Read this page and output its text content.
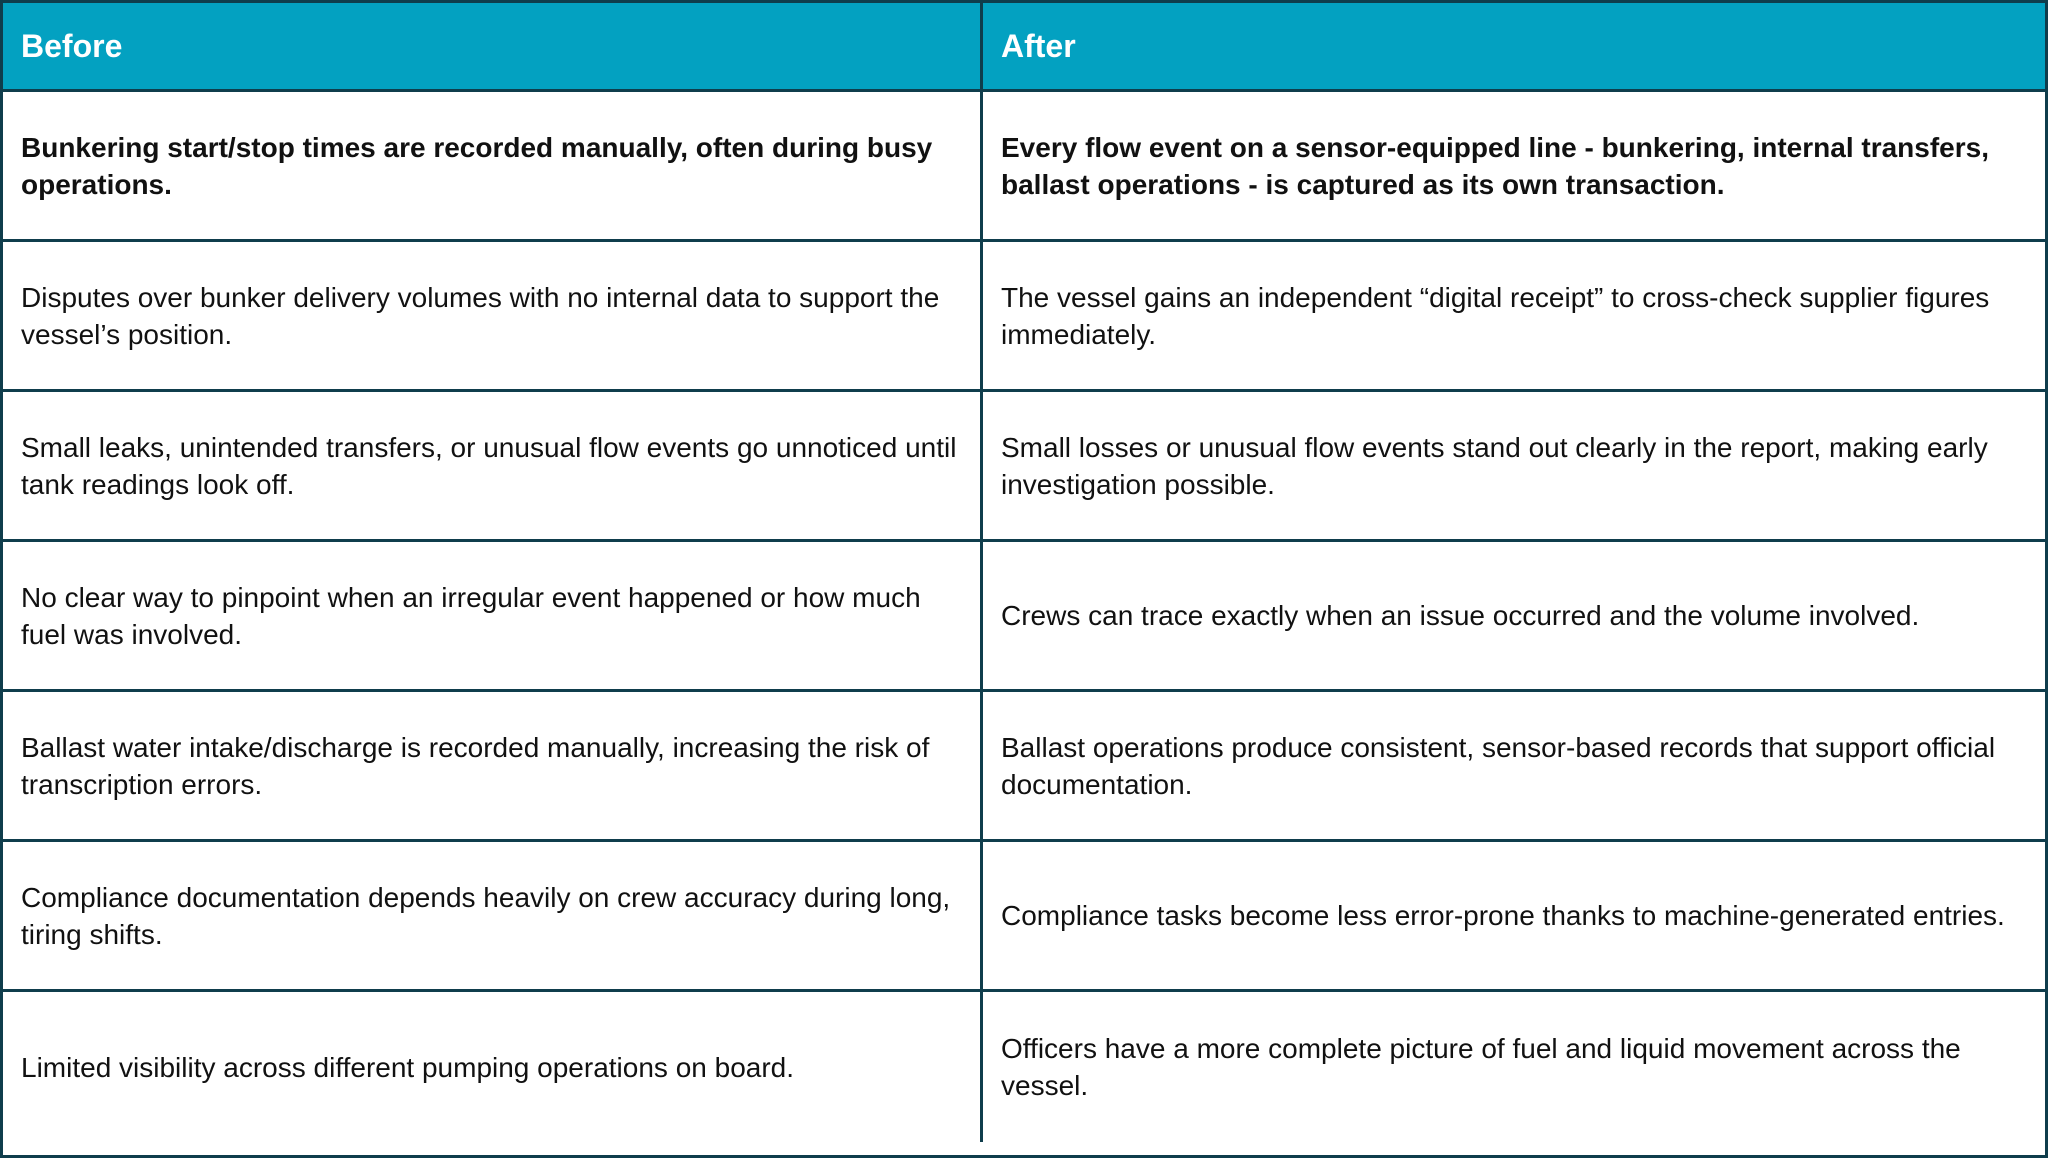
Before	After
Bunkering start/stop times are recorded manually, often during busy operations.
Every flow event on a sensor-equipped line - bunkering, internal transfers, ballast operations - is captured as its own transaction.
Disputes over bunker delivery volumes with no internal data to support the vessel’s position.
The vessel gains an independent “digital receipt” to cross-check supplier figures immediately.
Small leaks, unintended transfers, or unusual flow events go unnoticed until tank readings look off.
Small losses or unusual flow events stand out clearly in the report, making early investigation possible.
No clear way to pinpoint when an irregular event happened or how much fuel was involved.
Crews can trace exactly when an issue occurred and the volume involved.
Ballast water intake/discharge is recorded manually, increasing the risk of transcription errors.
Ballast operations produce consistent, sensor-based records that support official documentation.
Compliance documentation depends heavily on crew accuracy during long, tiring shifts.
Compliance tasks become less error-prone thanks to machine-generated entries.
Limited visibility across different pumping operations on board.
Officers have a more complete picture of fuel and liquid movement across the vessel.
